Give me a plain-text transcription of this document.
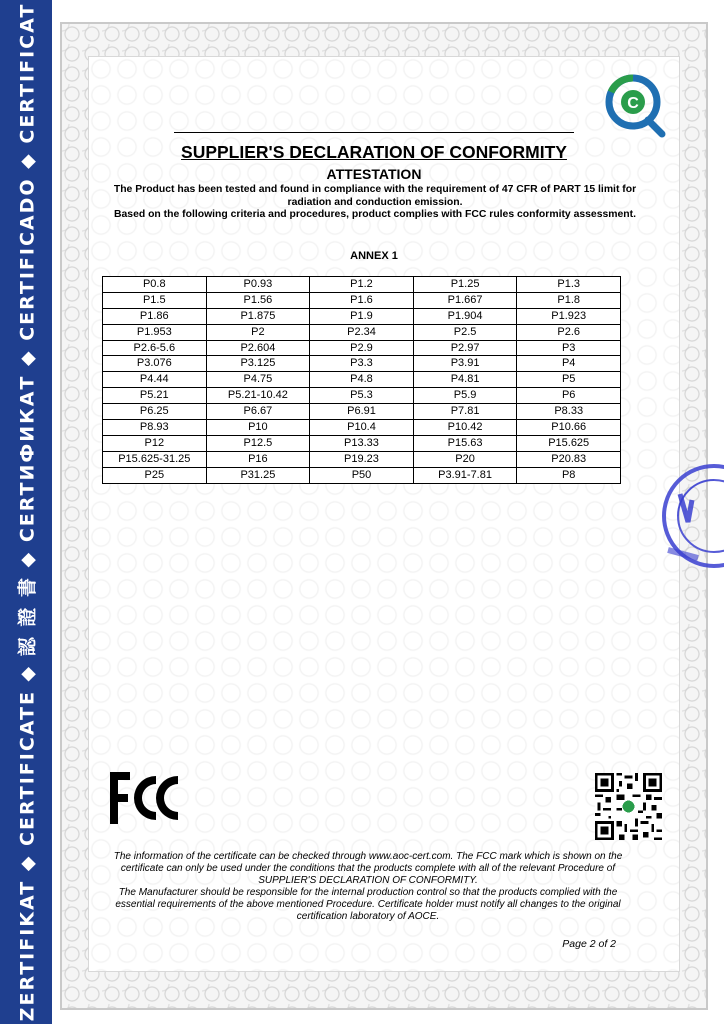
ZERTIFIKAT ◆ CERTIFICATE ◆ 認 證 書 ◆ CERTИФИКАТ ◆ CERTIFICADO ◆ CERTIFICAT	C
SUPPLIER'S DECLARATION OF CONFORMITY
ATTESTATION
The Product has been tested and found in compliance with the requirement of 47 CFR of PART 15 limit for radiation and conduction emission.
Based on the following criteria and procedures, product complies with FCC rules conformity assessment.
ANNEX 1
P0.8	P0.93	P1.2	P1.25	P1.3
P1.5	P1.56	P1.6	P1.667	P1.8
P1.86	P1.875	P1.9	P1.904	P1.923
P1.953	P2	P2.34	P2.5	P2.6
P2.6-5.6	P2.604	P2.9	P2.97	P3
P3.076	P3.125	P3.3	P3.91	P4
P4.44	P4.75	P4.8	P4.81	P5
P5.21	P5.21-10.42	P5.3	P5.9	P6
P6.25	P6.67	P6.91	P7.81	P8.33
P8.93	P10	P10.4	P10.42	P10.66
P12	P12.5	P13.33	P15.63	P15.625
P15.625-31.25	P16	P19.23	P20	P20.83
P25	P31.25	P50	P3.91-7.81	P8
The information of the certificate can be checked through www.aoc-cert.com. The FCC mark which is shown on the certificate can only be used under the conditions that the products complete with all of the relevant Procedure of SUPPLIER'S DECLARATION OF CONFORMITY.
The Manufacturer should be responsible for the internal production control so that the products complied with the essential requirements of the above mentioned Procedure. Certificate holder must notify all changes to the original certification laboratory of AOCE.
Page 2 of 2
